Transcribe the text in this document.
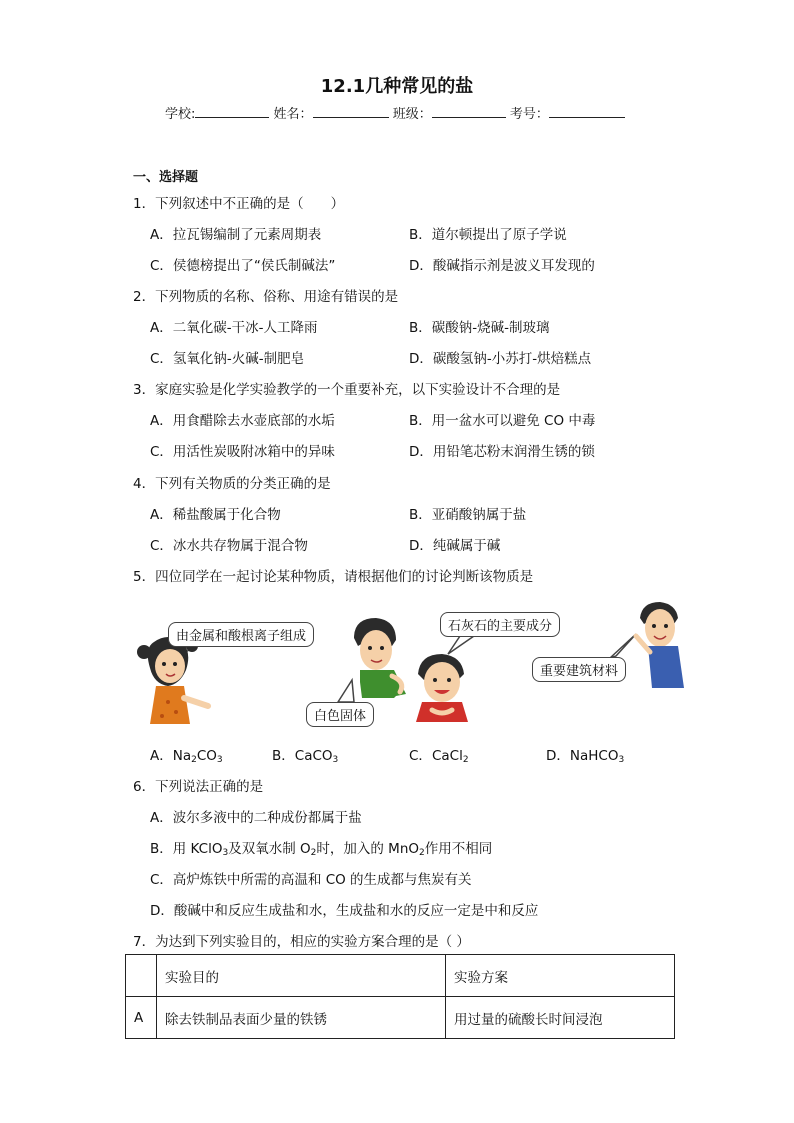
12.1几种常见的盐
学校:	姓名：	班级：	考号：
一、选择题
1．下列叙述中不正确的是（　　）
A．拉瓦锡编制了元素周期表	B．道尔顿提出了原子学说
C．侯德榜提出了“侯氏制碱法”	D．酸碱指示剂是波义耳发现的
2．下列物质的名称、俗称、用途有错误的是
A．二氧化碳-干冰-人工降雨	B．碳酸钠-烧碱-制玻璃
C．氢氧化钠-火碱-制肥皂	D．碳酸氢钠-小苏打-烘焙糕点
3．家庭实验是化学实验教学的一个重要补充，以下实验设计不合理的是
A．用食醋除去水壶底部的水垢	B．用一盆水可以避免 CO 中毒
C．用活性炭吸附冰箱中的异味	D．用铅笔芯粉末润滑生锈的锁
4．下列有关物质的分类正确的是
A．稀盐酸属于化合物	B．亚硝酸钠属于盐
C．冰水共存物属于混合物	D．纯碱属于碱
5．四位同学在一起讨论某种物质，请根据他们的讨论判断该物质是
由金属和酸根离子组成
白色固体
石灰石的主要成分
重要建筑材料
A．$Na_2CO_3$	B．CaCO$_3$	C．CaCl$_2$	D．NaHCO$_3$
6．下列说法正确的是
A．波尔多液中的二种成份都属于盐
B．用 KClO$_3$及双氧水制 $O_2$时，加入的 MnO$_2$作用不相同
C．高炉炼铁中所需的高温和 CO 的生成都与焦炭有关
D．酸碱中和反应生成盐和水，生成盐和水的反应一定是中和反应
7．为达到下列实验目的，相应的实验方案合理的是（ ）
	实验目的	实验方案
A	除去铁制品表面少量的铁锈	用过量的硫酸长时间浸泡
